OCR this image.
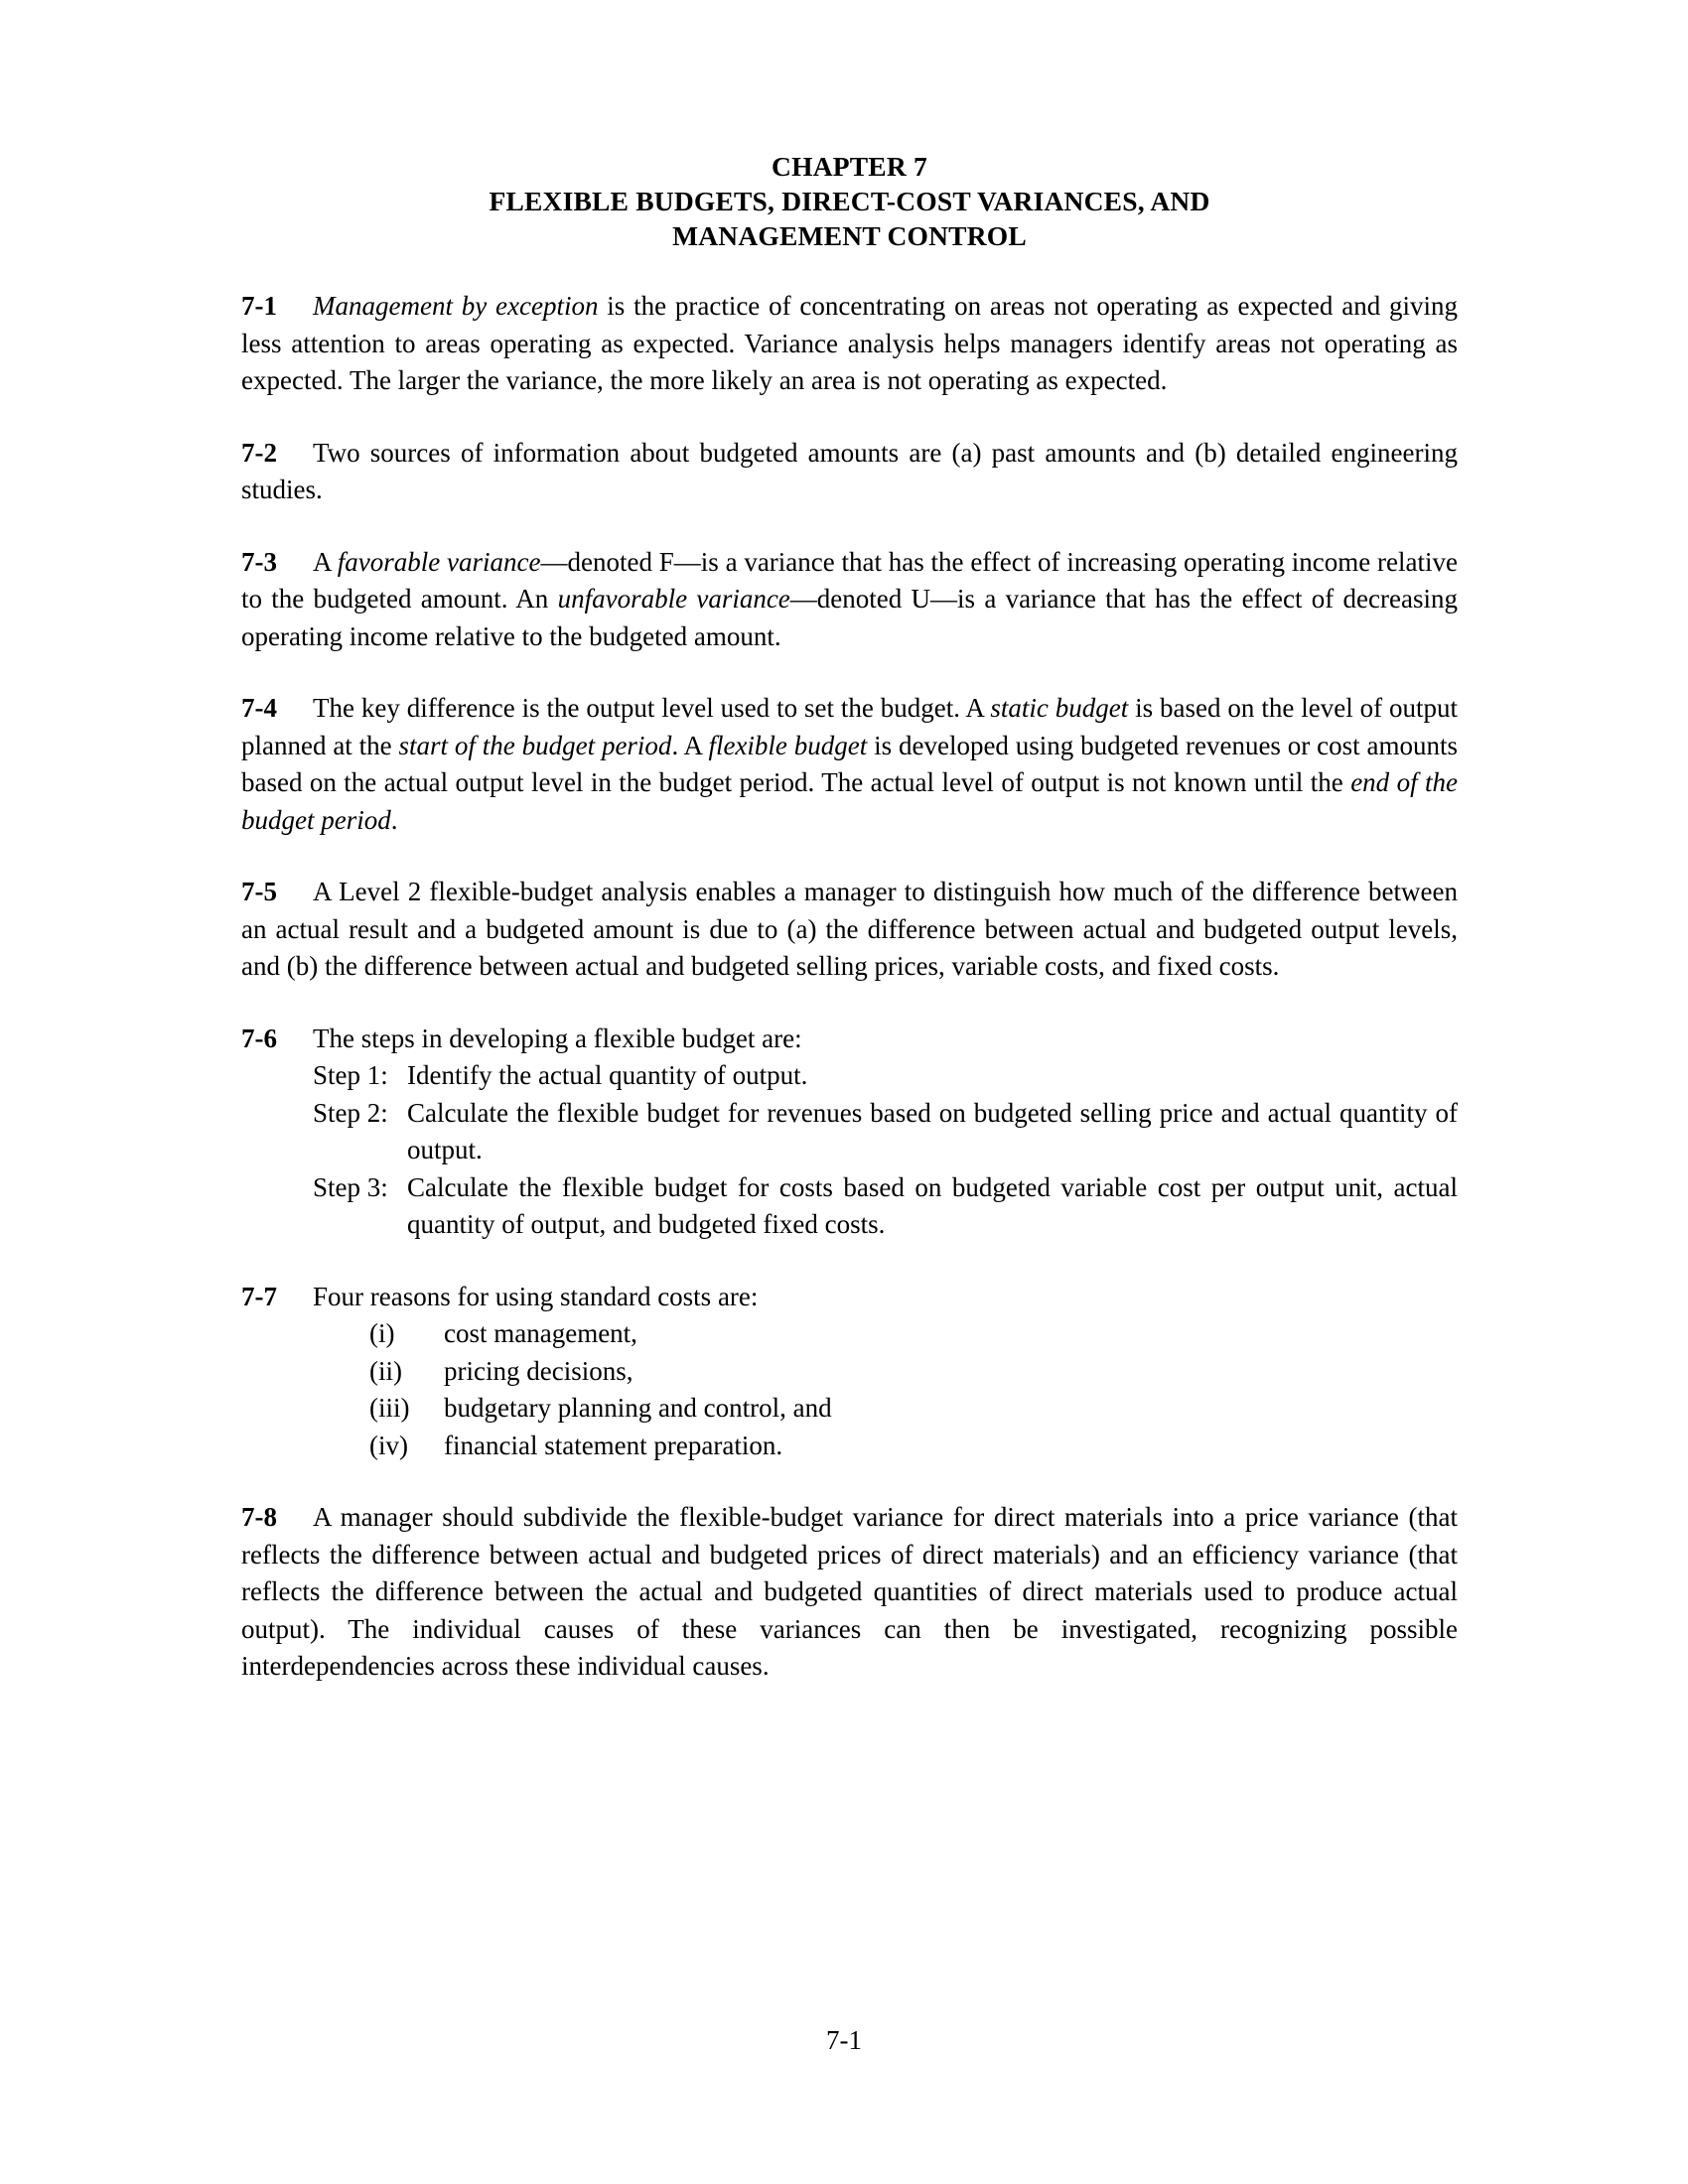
CHAPTER 7
FLEXIBLE BUDGETS, DIRECT-COST VARIANCES, AND
MANAGEMENT CONTROL

7-1 Management by exception is the practice of concentrating on areas not operating as expected and giving less attention to areas operating as expected. Variance analysis helps managers identify areas not operating as expected. The larger the variance, the more likely an area is not operating as expected.

7-2 Two sources of information about budgeted amounts are (a) past amounts and (b) detailed engineering studies.

7-3 A favorable variance—denoted F—is a variance that has the effect of increasing operating income relative to the budgeted amount. An unfavorable variance—denoted U—is a variance that has the effect of decreasing operating income relative to the budgeted amount.

7-4 The key difference is the output level used to set the budget. A static budget is based on the level of output planned at the start of the budget period. A flexible budget is developed using budgeted revenues or cost amounts based on the actual output level in the budget period. The actual level of output is not known until the end of the budget period.

7-5 A Level 2 flexible-budget analysis enables a manager to distinguish how much of the difference between an actual result and a budgeted amount is due to (a) the difference between actual and budgeted output levels, and (b) the difference between actual and budgeted selling prices, variable costs, and fixed costs.

7-6 The steps in developing a flexible budget are:

Step 1: Identify the actual quantity of output.
Step 2: Calculate the flexible budget for revenues based on budgeted selling price and actual quantity of output.
Step 3: Calculate the flexible budget for costs based on budgeted variable cost per output unit, actual quantity of output, and budgeted fixed costs.

7-7 Four reasons for using standard costs are:

(i)	cost management,
(ii)	pricing decisions,
(iii)	budgetary planning and control, and
(iv)	financial statement preparation.

7-8 A manager should subdivide the flexible-budget variance for direct materials into a price variance (that reflects the difference between actual and budgeted prices of direct materials) and an efficiency variance (that reflects the difference between the actual and budgeted quantities of direct materials used to produce actual output). The individual causes of these variances can then be investigated, recognizing possible interdependencies across these individual causes.

7-1
